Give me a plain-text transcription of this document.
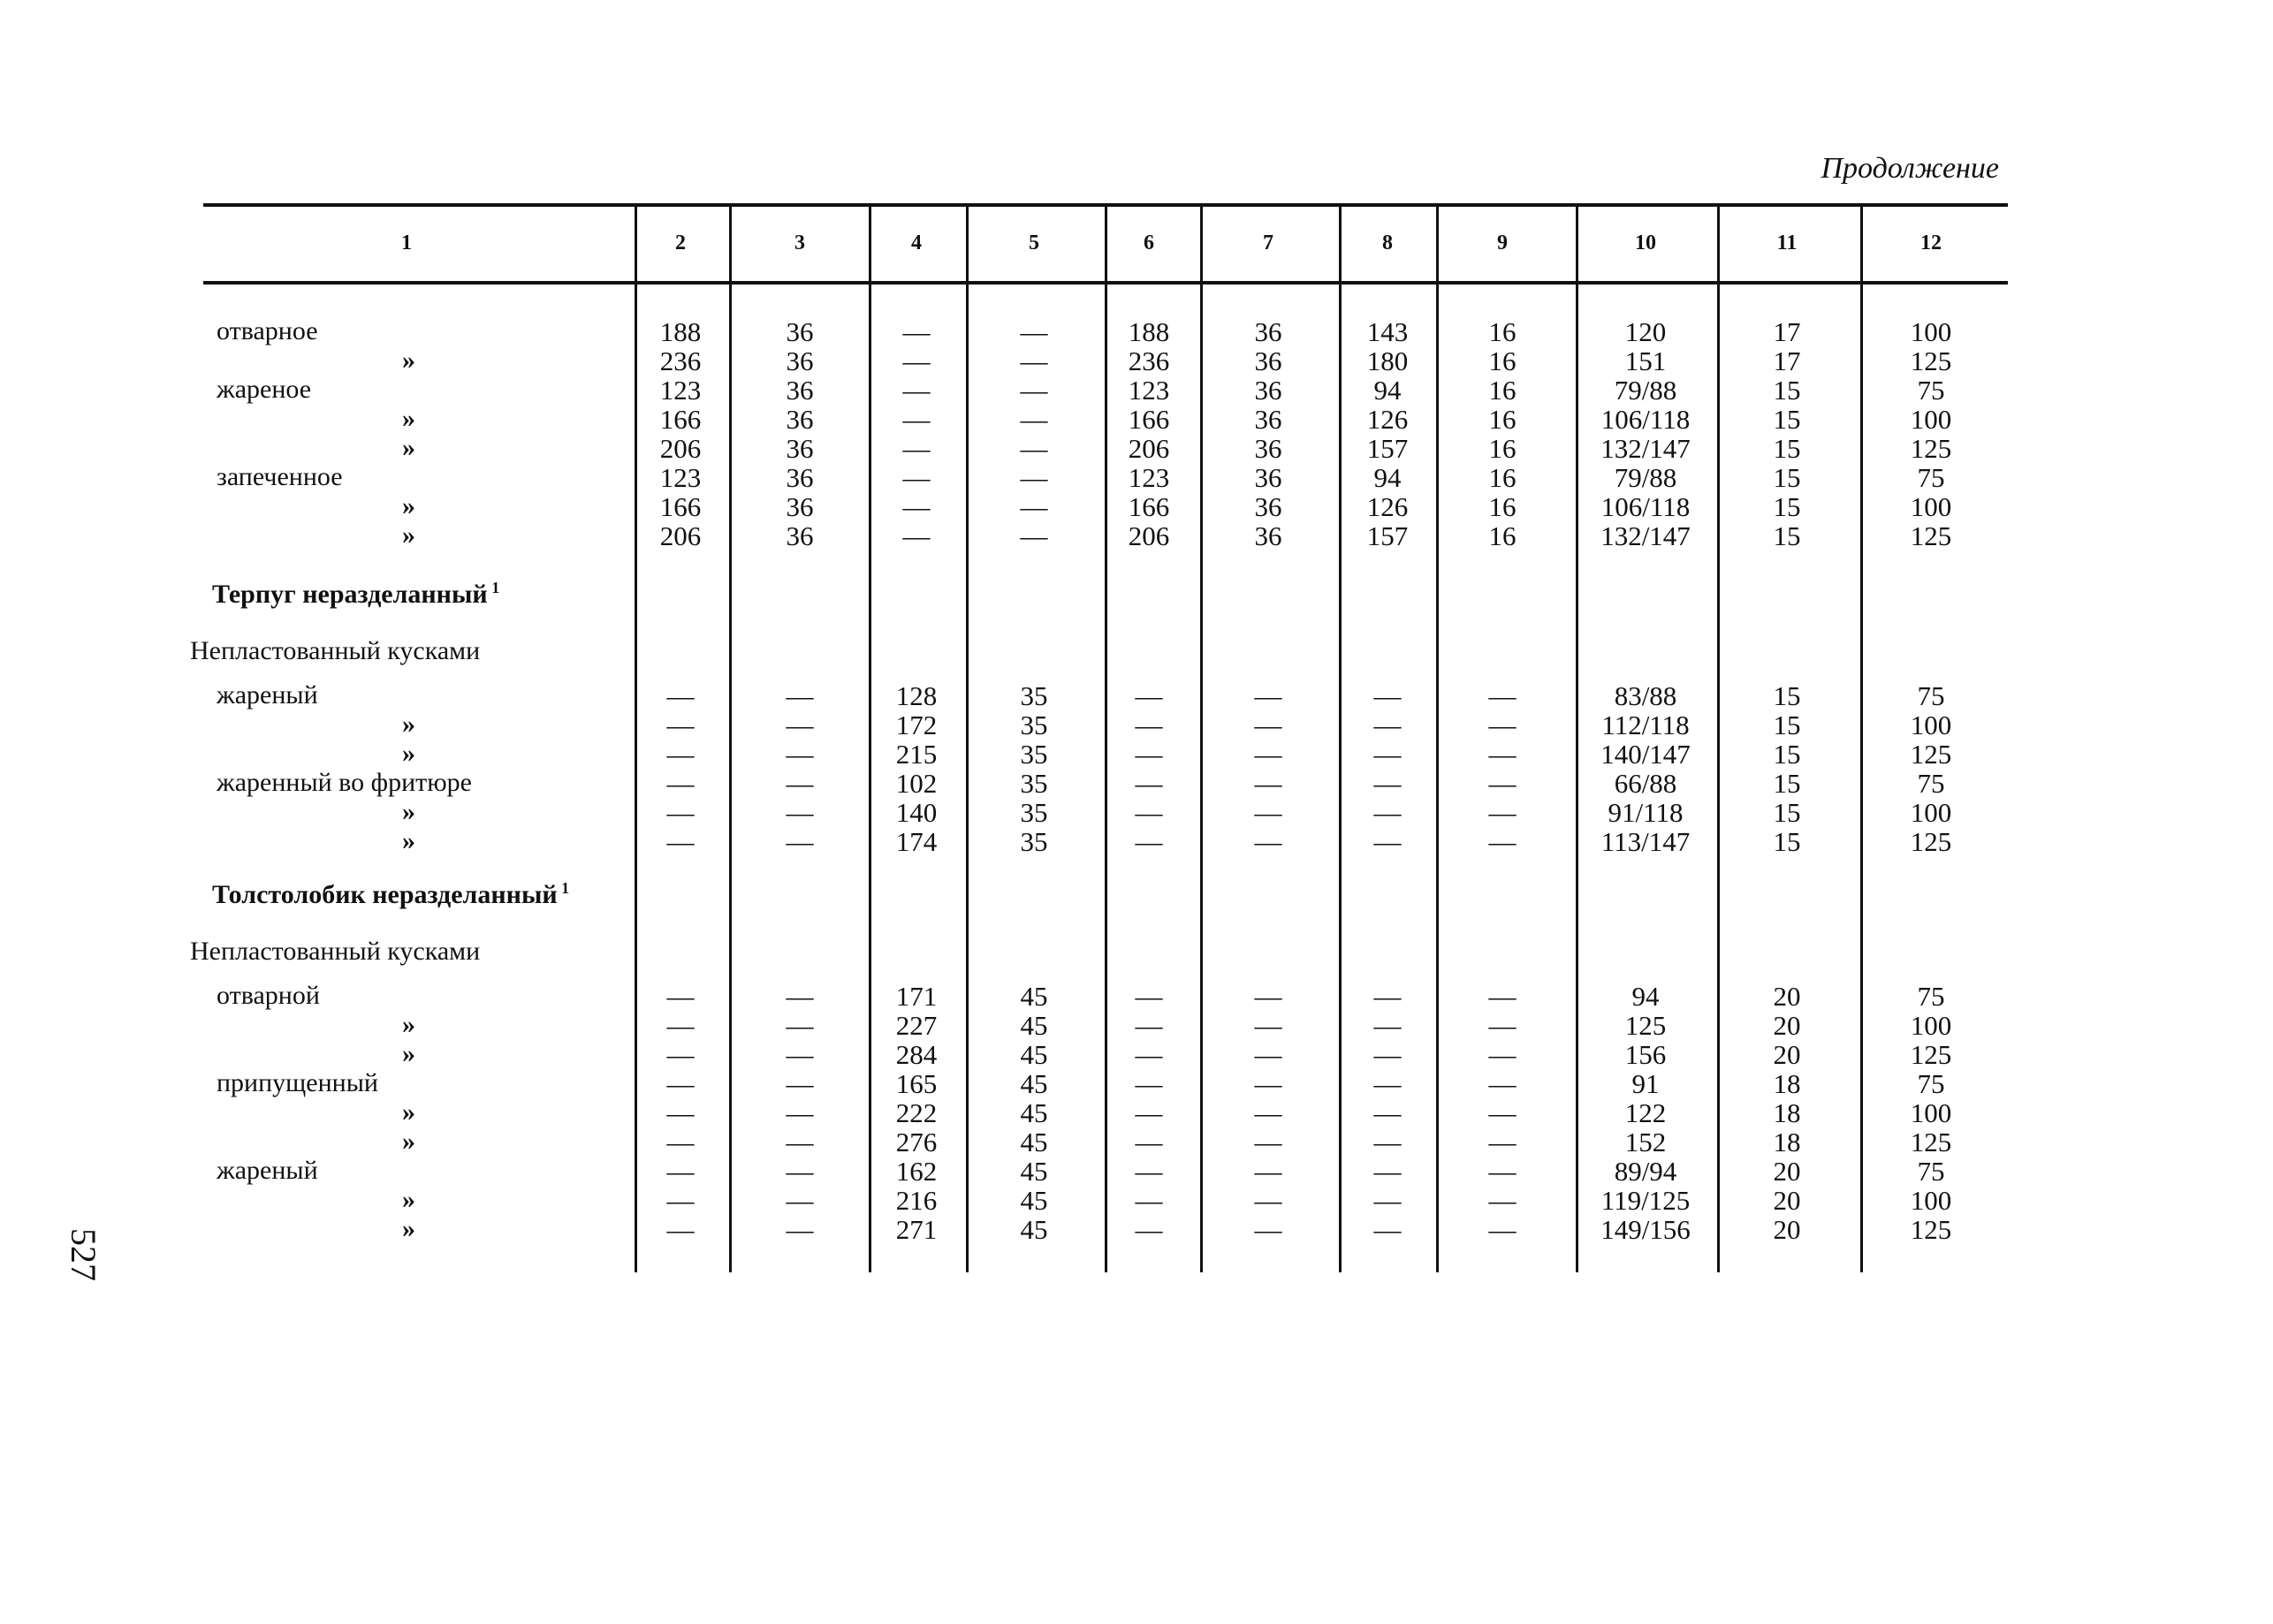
Продолжение
527
1	2	3	4	5	6	7	8	9	10	11	12
отварное	188	36	—	—	188	36	143	16	120	17	100
»	236	36	—	—	236	36	180	16	151	17	125
жареное	123	36	—	—	123	36	94	16	79/88	15	75
»	166	36	—	—	166	36	126	16	106/118	15	100
»	206	36	—	—	206	36	157	16	132/147	15	125
запеченное	123	36	—	—	123	36	94	16	79/88	15	75
»	166	36	—	—	166	36	126	16	106/118	15	100
»	206	36	—	—	206	36	157	16	132/147	15	125
Терпуг неразделанный $^1$
Непластованный кусками
жареный	—	—	128	35	—	—	—	—	83/88	15	75
»	—	—	172	35	—	—	—	—	112/118	15	100
»	—	—	215	35	—	—	—	—	140/147	15	125
жаренный во фритюре	—	—	102	35	—	—	—	—	66/88	15	75
»	—	—	140	35	—	—	—	—	91/118	15	100
»	—	—	174	35	—	—	—	—	113/147	15	125
Толстолобик неразделанный $^1$
Непластованный кусками
отварной	—	—	171	45	—	—	—	—	94	20	75
»	—	—	227	45	—	—	—	—	125	20	100
»	—	—	284	45	—	—	—	—	156	20	125
припущенный	—	—	165	45	—	—	—	—	91	18	75
»	—	—	222	45	—	—	—	—	122	18	100
»	—	—	276	45	—	—	—	—	152	18	125
жареный	—	—	162	45	—	—	—	—	89/94	20	75
»	—	—	216	45	—	—	—	—	119/125	20	100
»	—	—	271	45	—	—	—	—	149/156	20	125
